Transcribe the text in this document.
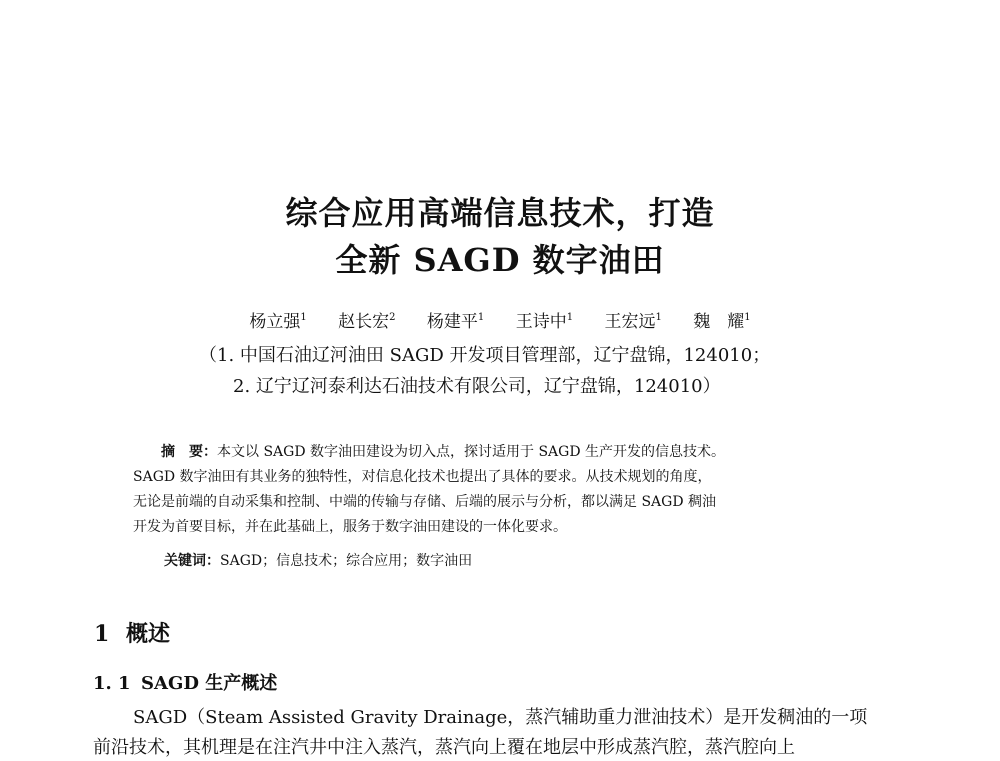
综合应用高端信息技术，打造
全新 SAGD 数字油田
杨立强$^1$ 赵长宏$^2$ 杨建平$^1$ 王诗中$^1$ 王宏远$^1$ 魏　耀$^1$
（1. 中国石油辽河油田 SAGD 开发项目管理部，辽宁盘锦，124010；
2. 辽宁辽河泰利达石油技术有限公司，辽宁盘锦，124010）
摘　要：本文以 SAGD 数字油田建设为切入点，探讨适用于 SAGD 生产开发的信息技术。
SAGD 数字油田有其业务的独特性，对信息化技术也提出了具体的要求。从技术规划的角度，
无论是前端的自动采集和控制、中端的传输与存储、后端的展示与分析，都以满足 SAGD 稠油
开发为首要目标，并在此基础上，服务于数字油田建设的一体化要求。
关键词：SAGD；信息技术；综合应用；数字油田
1 概述
1. 1 SAGD 生产概述
SAGD（Steam Assisted Gravity Drainage，蒸汽辅助重力泄油技术）是开发稠油的一项
前沿技术，其机理是在注汽井中注入蒸汽，蒸汽向上覆在地层中形成蒸汽腔，蒸汽腔向上
